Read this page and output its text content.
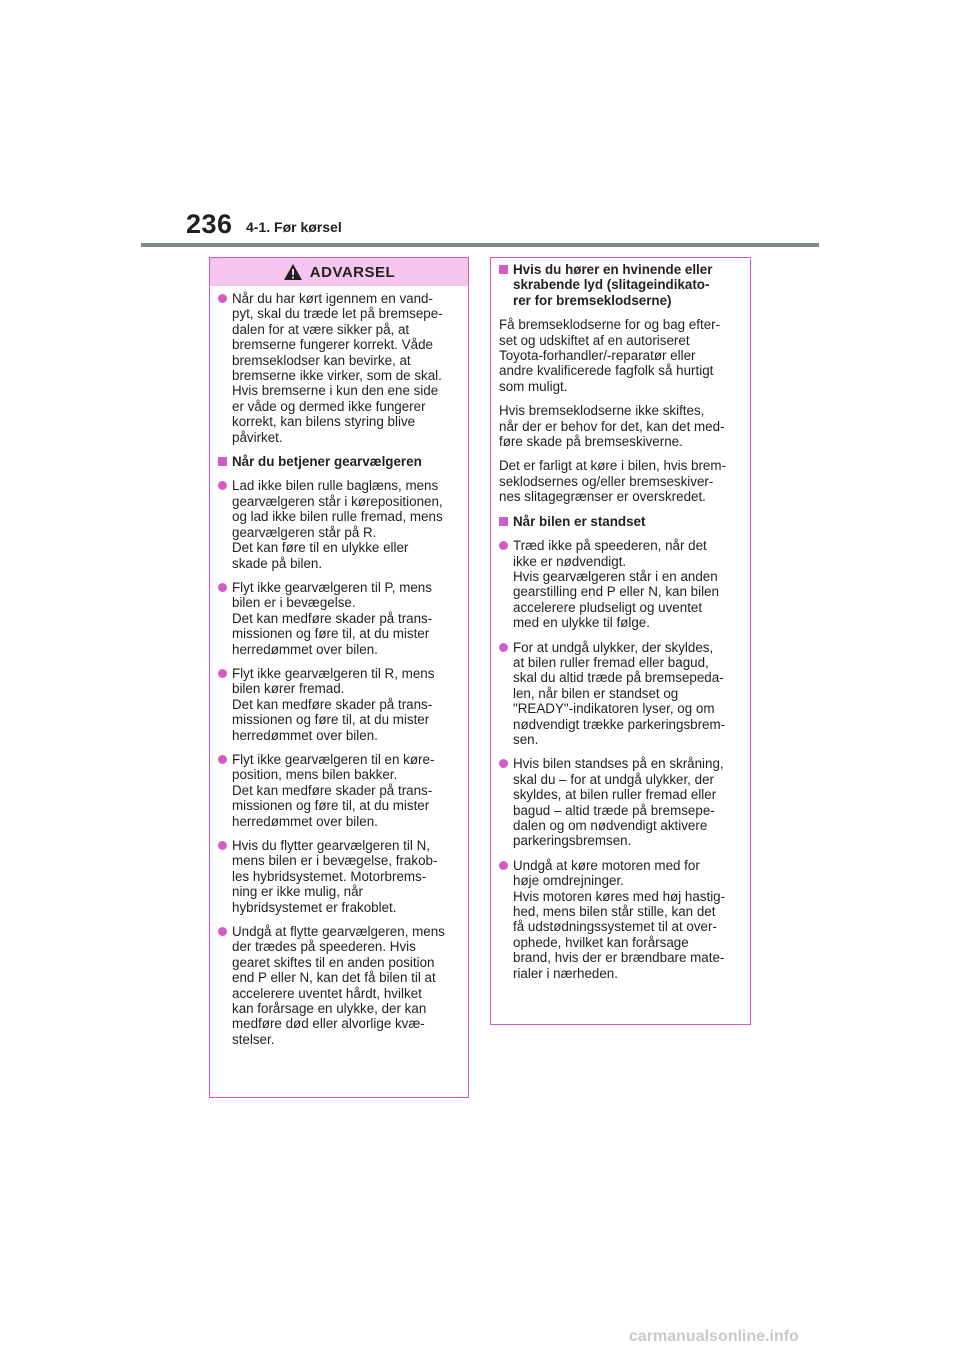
236 4-1. Før kørsel
ADVARSEL
Når du har kørt igennem en vand-
pyt, skal du træde let på bremsepe-
dalen for at være sikker på, at
bremserne fungerer korrekt. Våde
bremseklodser kan bevirke, at
bremserne ikke virker, som de skal.
Hvis bremserne i kun den ene side
er våde og dermed ikke fungerer
korrekt, kan bilens styring blive
påvirket.
Når du betjener gearvælgeren
Lad ikke bilen rulle baglæns, mens
gearvælgeren står i kørepositionen,
og lad ikke bilen rulle fremad, mens
gearvælgeren står på R.
Det kan føre til en ulykke eller
skade på bilen.
Flyt ikke gearvælgeren til P, mens
bilen er i bevægelse.
Det kan medføre skader på trans-
missionen og føre til, at du mister
herredømmet over bilen.
Flyt ikke gearvælgeren til R, mens
bilen kører fremad.
Det kan medføre skader på trans-
missionen og føre til, at du mister
herredømmet over bilen.
Flyt ikke gearvælgeren til en køre-
position, mens bilen bakker.
Det kan medføre skader på trans-
missionen og føre til, at du mister
herredømmet over bilen.
Hvis du flytter gearvælgeren til N,
mens bilen er i bevægelse, frakob-
les hybridsystemet. Motorbrems-
ning er ikke mulig, når
hybridsystemet er frakoblet.
Undgå at flytte gearvælgeren, mens
der trædes på speederen. Hvis
gearet skiftes til en anden position
end P eller N, kan det få bilen til at
accelerere uventet hårdt, hvilket
kan forårsage en ulykke, der kan
medføre død eller alvorlige kvæ-
stelser.
Hvis du hører en hvinende eller
skrabende lyd (slitageindikato-
rer for bremseklodserne)
Få bremseklodserne for og bag efter-
set og udskiftet af en autoriseret
Toyota-forhandler/-reparatør eller
andre kvalificerede fagfolk så hurtigt
som muligt.
Hvis bremseklodserne ikke skiftes,
når der er behov for det, kan det med-
føre skade på bremseskiverne.
Det er farligt at køre i bilen, hvis brem-
seklodsernes og/eller bremseskiver-
nes slitagegrænser er overskredet.
Når bilen er standset
Træd ikke på speederen, når det
ikke er nødvendigt.
Hvis gearvælgeren står i en anden
gearstilling end P eller N, kan bilen
accelerere pludseligt og uventet
med en ulykke til følge.
For at undgå ulykker, der skyldes,
at bilen ruller fremad eller bagud,
skal du altid træde på bremsepeda-
len, når bilen er standset og
"READY"-indikatoren lyser, og om
nødvendigt trække parkeringsbrem-
sen.
Hvis bilen standses på en skråning,
skal du – for at undgå ulykker, der
skyldes, at bilen ruller fremad eller
bagud – altid træde på bremsepe-
dalen og om nødvendigt aktivere
parkeringsbremsen.
Undgå at køre motoren med for
høje omdrejninger.
Hvis motoren køres med høj hastig-
hed, mens bilen står stille, kan det
få udstødningssystemet til at over-
ophede, hvilket kan forårsage
brand, hvis der er brændbare mate-
rialer i nærheden.
carmanualsonline.info
